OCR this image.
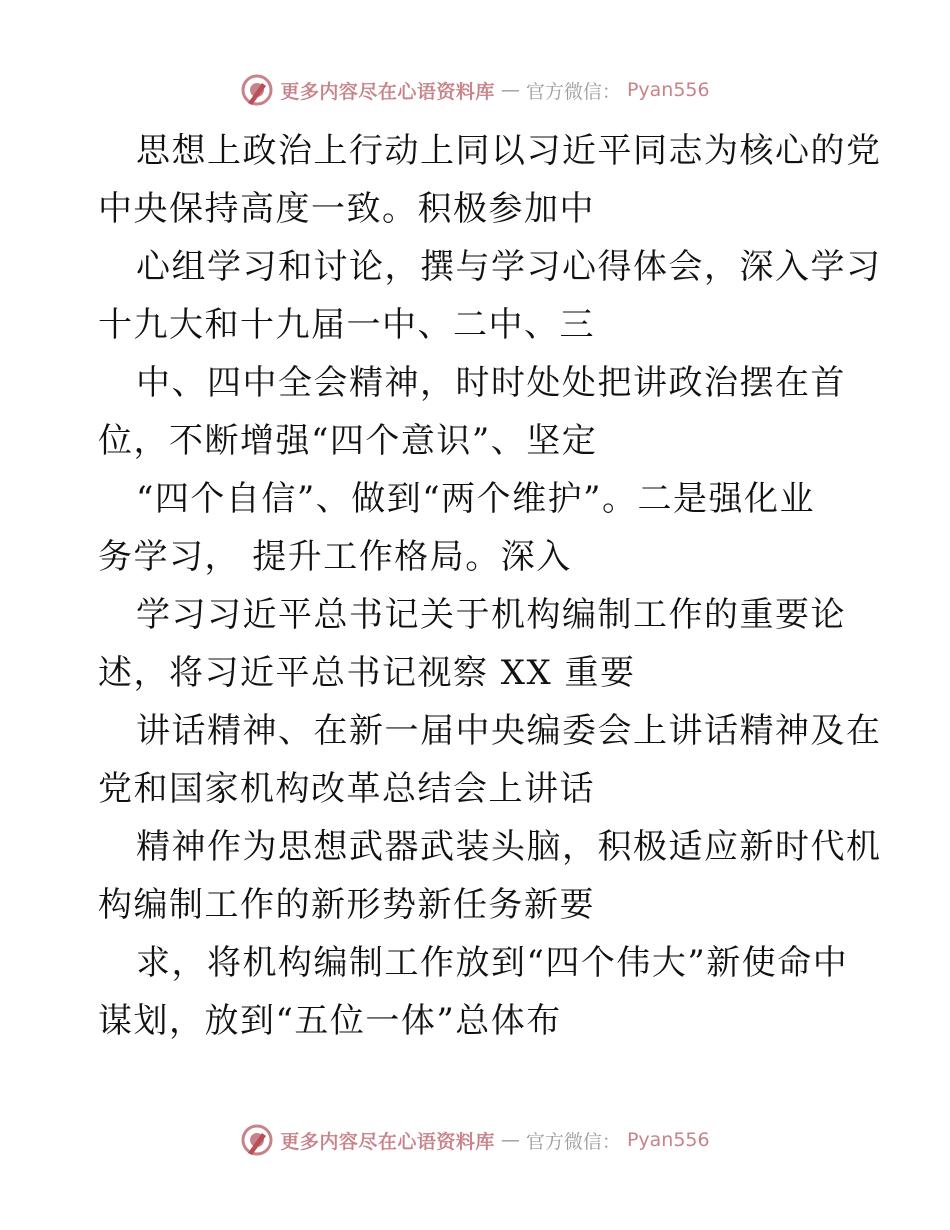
更多内容尽在心语资料库 — 官方微信： Pyan556

思想上政治上行动上同以习近平同志为核心的党
中央保持高度一致。积极参加中

心组学习和讨论，撰与学习心得体会，深入学习
十九大和十九届一中、二中、三

中、四中全会精神，时时处处把讲政治摆在首
位，不断增强“四个意识”、坚定

“四个自信”、做到“两个维护”。二是强化业
务学习， 提升工作格局。深入

学习习近平总书记关于机构编制工作的重要论
述，将习近平总书记视察 XX 重要

讲话精神、在新一届中央编委会上讲话精神及在
党和国家机构改革总结会上讲话

精神作为思想武器武装头脑，积极适应新时代机
构编制工作的新形势新任务新要

求，将机构编制工作放到“四个伟大”新使命中
谋划，放到“五位一体”总体布

更多内容尽在心语资料库 — 官方微信： Pyan556
